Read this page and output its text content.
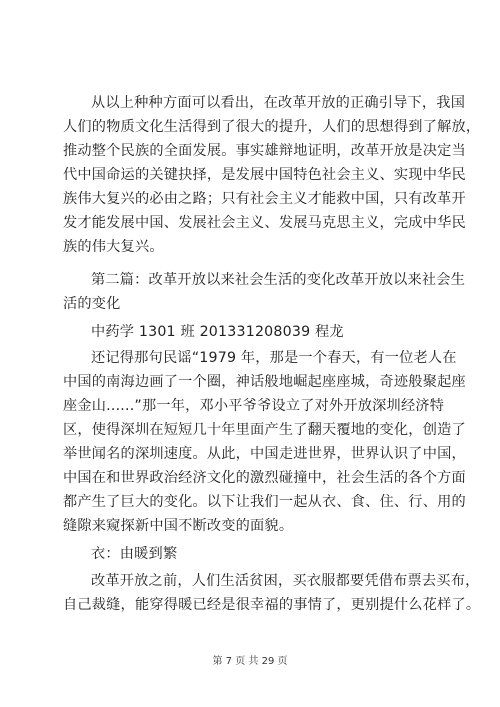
从以上种种方面可以看出，在改革开放的正确引导下，我国
人们的物质文化生活得到了很大的提升，人们的思想得到了解放，
推动整个民族的全面发展。事实雄辩地证明，改革开放是决定当
代中国命运的关键抉择，是发展中国特色社会主义、实现中华民
族伟大复兴的必由之路；只有社会主义才能救中国，只有改革开
发才能发展中国、发展社会主义、发展马克思主义，完成中华民
族的伟大复兴。
第二篇：改革开放以来社会生活的变化改革开放以来社会生
活的变化
中药学 1301 班 201331208039 程龙
还记得那句民谣“1979 年，那是一个春天，有一位老人在
中国的南海边画了一个圈，神话般地崛起座座城，奇迹般聚起座
座金山......”那一年，邓小平爷爷设立了对外开放深圳经济特
区，使得深圳在短短几十年里面产生了翻天覆地的变化，创造了
举世闻名的深圳速度。从此，中国走进世界，世界认识了中国，
中国在和世界政治经济文化的激烈碰撞中，社会生活的各个方面
都产生了巨大的变化。以下让我们一起从衣、食、住、行、用的
缝隙来窥探新中国不断改变的面貌。
衣：由暖到繁
改革开放之前，人们生活贫困，买衣服都要凭借布票去买布，
自己裁缝，能穿得暖已经是很幸福的事情了，更别提什么花样了。
第 7 页 共 29 页
